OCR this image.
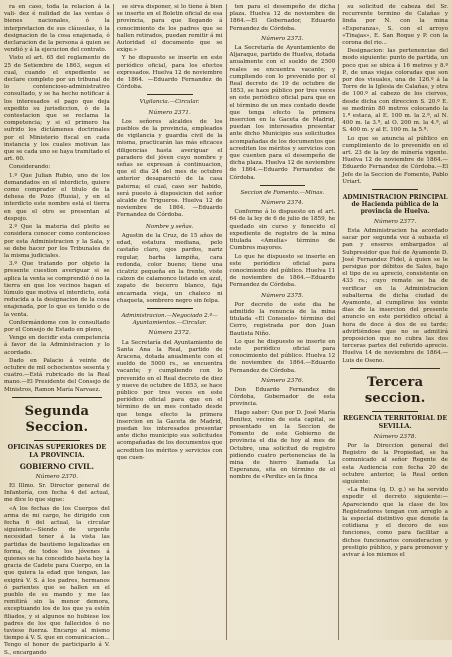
ra en caso, toda la relacion á la vali- dez é nulidad de las ventas ó bienes nacionales, ó la interpretacion de sus cláusulas, ó la designacion de la cosa enajenada, ó declaracion de la persona á quien se vendió y á la ejecucion del contrato.

Visto el art. 65 del reglamento de 25 de Setiembre de 1863, segun el cual, cuando el expediente se declare completo por un tribunal de lo contencioso-administrativo consultado, y se ha hecho notificar á los interesados el pago que deja expedito su jurisdiccion, ó de la contestacion que se reclama la competencia; y si el primero ha sufrido los dictámenes doctrinales por el Ministerio fiscal en cada instancia y los cuales motivan las que se cada uno se haya tramitado el art. 60.

Considerando:

1.º Que Julian Rubio, uno de los demandados en el interdicto, quiere como comprador el titulo de la dehesa de Pozo (Rusia), y en el interdicto este nombre está el tierra en que el otro se presentan al despojo.

2.º Que la materia del pleito se considera conocer como contencioso por esta Administracion y la Sala, y se debe hacer por los Tribunales de la misma judiciales.

3.º Que tratando por objeto la presente cuestion averiguar si se aplica la venta se comprendió ó no la tierra en que los vecinos hagan el lúmulo que motiva el interdicto, está reducida a la designacion de la cosa enajenada, por lo que es tenido o de la venta.

Conformándome con lo consultado por el Consejo de Estado en pleno,

Vengo en decidir esta competencia á favor de la Administracion y lo acordado.

Dado en Palacio á veinte de octubre de mil ochocientos sesenta y cuatro.—Está rubricado de la Real mano.—El Presidente del Consejo de Ministros, Ramon María Narvaez.

Segunda Seccion.
OFICINAS SUPERIORES DE LA PROVINCIA.
GOBIERNO CIVIL.
Número 2370.

El Illmo. Sr. Director general de Infantería, con fecha 4 del actual, me dice lo que sigue:

«A los fechas de los Cuerpos del arma de mi cargo, he dirigido con fecha 6 del actual, la circular siguiente:—Siendo de urgente necesidad tener á la vista las partidas de bautismo legalizadas en forma, de todos los jóvenes á quienes se ha concedido hasta hoy la gracia de Cadete para Cuerpo, en la que quiera la edad que tengan, las exigirá V. S. á los padres, hermanos ó parientes que se hallen en el pueblo de su mando y me las remitirá sin la menor demora, exceptuando los de los que ya estén filiados, y si algunos no hubiese los padres de los que fallecidos ó no tuviese fuerza. Encargo al mismo tiempo á V. S. que en comunicacion... Tengo el honor de participarlo á V. S., encargando

se sirva disponer, si lo tiene á bien se inserte en el Boletin oficial de esa provincia, para que llegando á conocimiento de los padres que se hallen retirados, puedan remitir á mi Autoridad el documento que se exige.»

Y he dispuesto se inserte en este periódico oficial, para los efectos expresados. Huelva 12 de noviembre de 1864. —Eduardo Fernandez de Córdoba.

Vigilancia.—Circular.
Número 2371.

Los señores alcaldes de los pueblos de la provincia, empleados de vigilancia y guardia civil de la misma, practicarán las más eficaces diligencias hasta averiguar el paradero del jóven cuyo nombre y señas se expresan á continuacion, que el dia 24 del mes de octubre anterior desapareció de la casa paterna; el cual, caso ser habido, será puesto á disposicion del señor alcalde de Trigueros. Huelva 12 de noviembre de 1864. —Eduardo Fernandez de Córdoba.

Nombre y señas.

Agustin de la Cruz, de 15 años de edad, estatura mediana, pelo castaño claro, ojos pardos, nariz regular, barba lampiña, cara redonda, color bueno; tiene una cicatriz pequeña en la frente, viste calzon de calamonco listado en azul, zapato de becerro blanco, faja encarnada vieja, un chaleco ni chaqueta, sombrero negro sin felpa.

Administracion.—Negociado 2.º— Ayuntamientos.—Circular.
Número 2372.

La Secretaría del Ayuntamiento de Santa Ana la Real, partido de Aracena, dotada anualmente con el sueldo de 5000 rs., se encuentra vacante; y cumpliendo con lo prevenido en el Real decreto de diez y nueve de octubre de 1853, se hace público por tres veces en este periódico oficial para que en el término de un mes contado desde que tenga efecto la primera insercion en la Gaceta de Madrid, puedan los interesados presentar ante dicho municipio sus solicitudes acompañadas de los documentos que acrediten los méritos y servicios con que cuen-

ten para el desempeño de dicha plaza. Huelva 12 de noviembre de 1864.—El Gobernador, Eduardo Fernandez de Córdoba.

Número 2373.

La Secretaría de Ayuntamiento de Aljaraque, partido de Huelva, dotada anualmente con el sueldo de 2500 reales se encuentra vacante; y cumpliendo con lo prevenido por el Real decreto de 19 de octubre de 1853, se hace público por tres veces en este periódico oficial para que en el término de un mes contado desde que tenga efecto la primera insercion en la Gaceta de Madrid, puedan los interesados presentar ante dicho Municipio sus solicitudes acompañadas de los documentos que acrediten los méritos y servicios con que cuenten para el desempeño de dicha plaza. Huelva 12 de noviembre de 1864.—Eduardo Fernandez de Córdoba.

Seccion de Fomento.—Minas.
Número 2374.

Conforme á lo dispuesto en el art. 64 de la ley de 6 de julio de 1859, he quedado sin curso y fenecido el expediente de registro de la mina titulada «Amelia» término de Cumbres mayores.

Lo que he dispuesto se inserte en este periódico oficial para conocimiento del público. Huelva 11 de noviembre de 1864.—Eduardo Fernandez de Córdoba.

Número 2375.

Por decreto de este dia he admitido la renuncia de la mina titulada «El Consuelo» término del Cerro, registrada por don Juan Bautista Niño.

Lo que he dispuesto se inserte en este periódico oficial para conocimiento del público. Huelva 12 de noviembre de 1864.—Eduardo Fernandez de Córdoba.

Número 2376.

Don Eduardo Fernandez de Córdoba, Gobernador de esta provincia.

Hago saber: Que por D. José María Benitez, vecino de esta capital, se presentado en la Seccion de Fomento de este Gobierno de provincia el dia de hoy al mes de Octubre, una solicitud de registro pidiendo cuatro pertenencias de la mina de hierro llamada La Esperanza, sita en término de el nombre de «Perdiz» en la finca

su solicitud de cabeza del Sr. recurrente termino de Calañas y linda por N. con la mina «Esperanza», S. con el arroyo «Tinajas», E. San Roque y P. con la corona del rio...

Designacion: las pertenencias del modo siguiente: punto de partida, un poco que se ubica á 16 metros y 8.º P., de unas viejas coloradas que son por dos visuales, una de 126.º á la Torre de la Iglesia de Calañas, y otra de 100.º al cabezo de los ciervos, desde dicha con direccion S. 20.º E. se medirán 80 metros colocando la 1.ª estaca, al E. 100 m. la 2.ª, al N. 400 m. la 3.ª, al O. 200 m. la 4.ª, al S. 400 m. y al E. 100 m. la 5.ª.

Lo que se anuncia al público en cumplimiento de lo prevenido en el art. 23 de la ley de minería vigente. Huelva 12 de noviembre de 1864.—Eduardo Fernandez de Córdoba.—El Jefe de la Seccion de Fomento, Pablo Uriart.

ADMINISTRACION PRINCIPAL de Hacienda pública de la provincia de Huelva.
Número 2377.

Esta Administracion ha acordado sacar por segunda vez á subasta el pan y enseres embargados al Subpresidor que fué de Ayamonte D. José Fernandez Fidel, á quien se le persigue por débitos de Sales, bajo el tipo de su aprecio, consistente en 433 rs.; cuyo remate se ha de verificar en la Administracion subalterna de dicha ciudad de Ayamonte, al cumplirse los veinte dias de la insercion del presente anuncio en este periódico oficial á hora de doce á dos de su tarde; advirtiéndose que no se admitirá proposicion que no cubra las dos terceras partes del referido aprecio. Huelva 14 de noviembre de 1864.—Luis de Oseno.

Tercera seccion.
REGENCIA TERRITORIAL DE SEVILLA.
Número 2378.

Por la Direccion general del Registro de la Propiedad, se ha comunicado al señor Regente de esta Audiencia con fecha 20 de octubre anterior, la Real orden siguiente:

«La Reina (q. D. g.) se ha servido expedir el decreto siguiente:—Apareciendo que la clase de los Registradores tengan con arreglo a la especial distintivo que denote la cotidiana y el decoro de sus funciones, como para facilitar a dichos funcionarios consideracion y prestigio público, y para promover y avivar á los mismos el
